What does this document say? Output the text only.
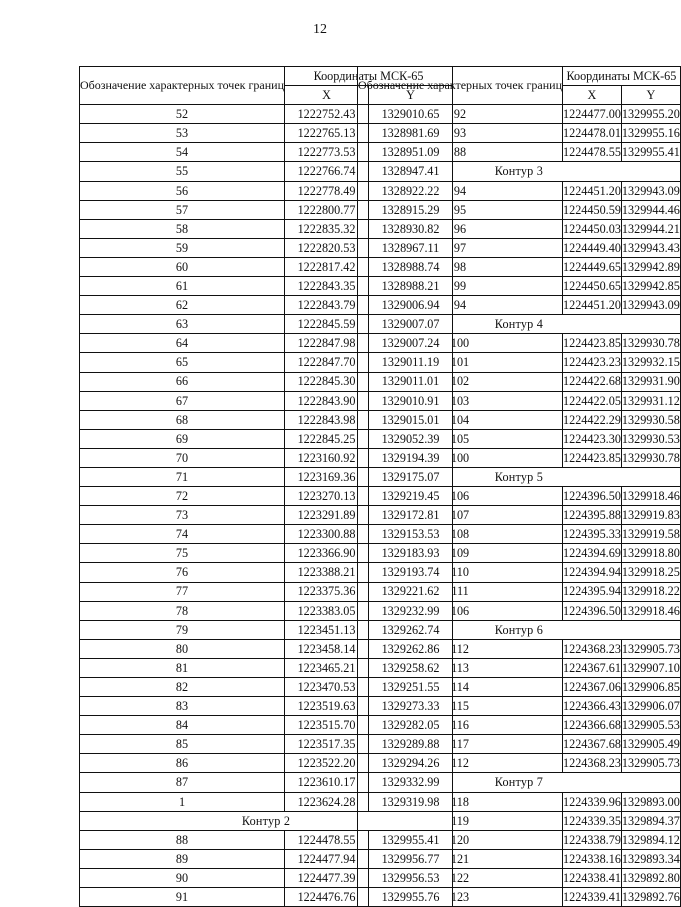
12
Обозначение характерных точек границ	Координаты МСК-65	
	X	Y
52	1222752.43	1329010.65
53	1222765.13	1328981.69
54	1222773.53	1328951.09
55	1222766.74	1328947.41
56	1222778.49	1328922.22
57	1222800.77	1328915.29
58	1222835.32	1328930.82
59	1222820.53	1328967.11
60	1222817.42	1328988.74
61	1222843.35	1328988.21
62	1222843.79	1329006.94
63	1222845.59	1329007.07
64	1222847.98	1329007.24
65	1222847.70	1329011.19
66	1222845.30	1329011.01
67	1222843.90	1329010.91
68	1222843.98	1329015.01
69	1222845.25	1329052.39
70	1223160.92	1329194.39
71	1223169.36	1329175.07
72	1223270.13	1329219.45
73	1223291.89	1329172.81
74	1223300.88	1329153.53
75	1223366.90	1329183.93
76	1223388.21	1329193.74
77	1223375.36	1329221.62
78	1223383.05	1329232.99
79	1223451.13	1329262.74
80	1223458.14	1329262.86
81	1223465.21	1329258.62
82	1223470.53	1329251.55
83	1223519.63	1329273.33
84	1223515.70	1329282.05
85	1223517.35	1329289.88
86	1223522.20	1329294.26
87	1223610.17	1329332.99
1	1223624.28	1329319.98
Контур 2		
88	1224478.55	1329955.41
89	1224477.94	1329956.77
90	1224477.39	1329956.53
91	1224476.76	1329955.76
Обозначение характерных точек границ	Координаты МСК-65	
	X	Y
92	1224477.00	1329955.20
93	1224478.01	1329955.16
88	1224478.55	1329955.41
Контур 3		
94	1224451.20	1329943.09
95	1224450.59	1329944.46
96	1224450.03	1329944.21
97	1224449.40	1329943.43
98	1224449.65	1329942.89
99	1224450.65	1329942.85
94	1224451.20	1329943.09
Контур 4		
100	1224423.85	1329930.78
101	1224423.23	1329932.15
102	1224422.68	1329931.90
103	1224422.05	1329931.12
104	1224422.29	1329930.58
105	1224423.30	1329930.53
100	1224423.85	1329930.78
Контур 5		
106	1224396.50	1329918.46
107	1224395.88	1329919.83
108	1224395.33	1329919.58
109	1224394.69	1329918.80
110	1224394.94	1329918.25
111	1224395.94	1329918.22
106	1224396.50	1329918.46
Контур 6		
112	1224368.23	1329905.73
113	1224367.61	1329907.10
114	1224367.06	1329906.85
115	1224366.43	1329906.07
116	1224366.68	1329905.53
117	1224367.68	1329905.49
112	1224368.23	1329905.73
Контур 7		
118	1224339.96	1329893.00
119	1224339.35	1329894.37
120	1224338.79	1329894.12
121	1224338.16	1329893.34
122	1224338.41	1329892.80
123	1224339.41	1329892.76
